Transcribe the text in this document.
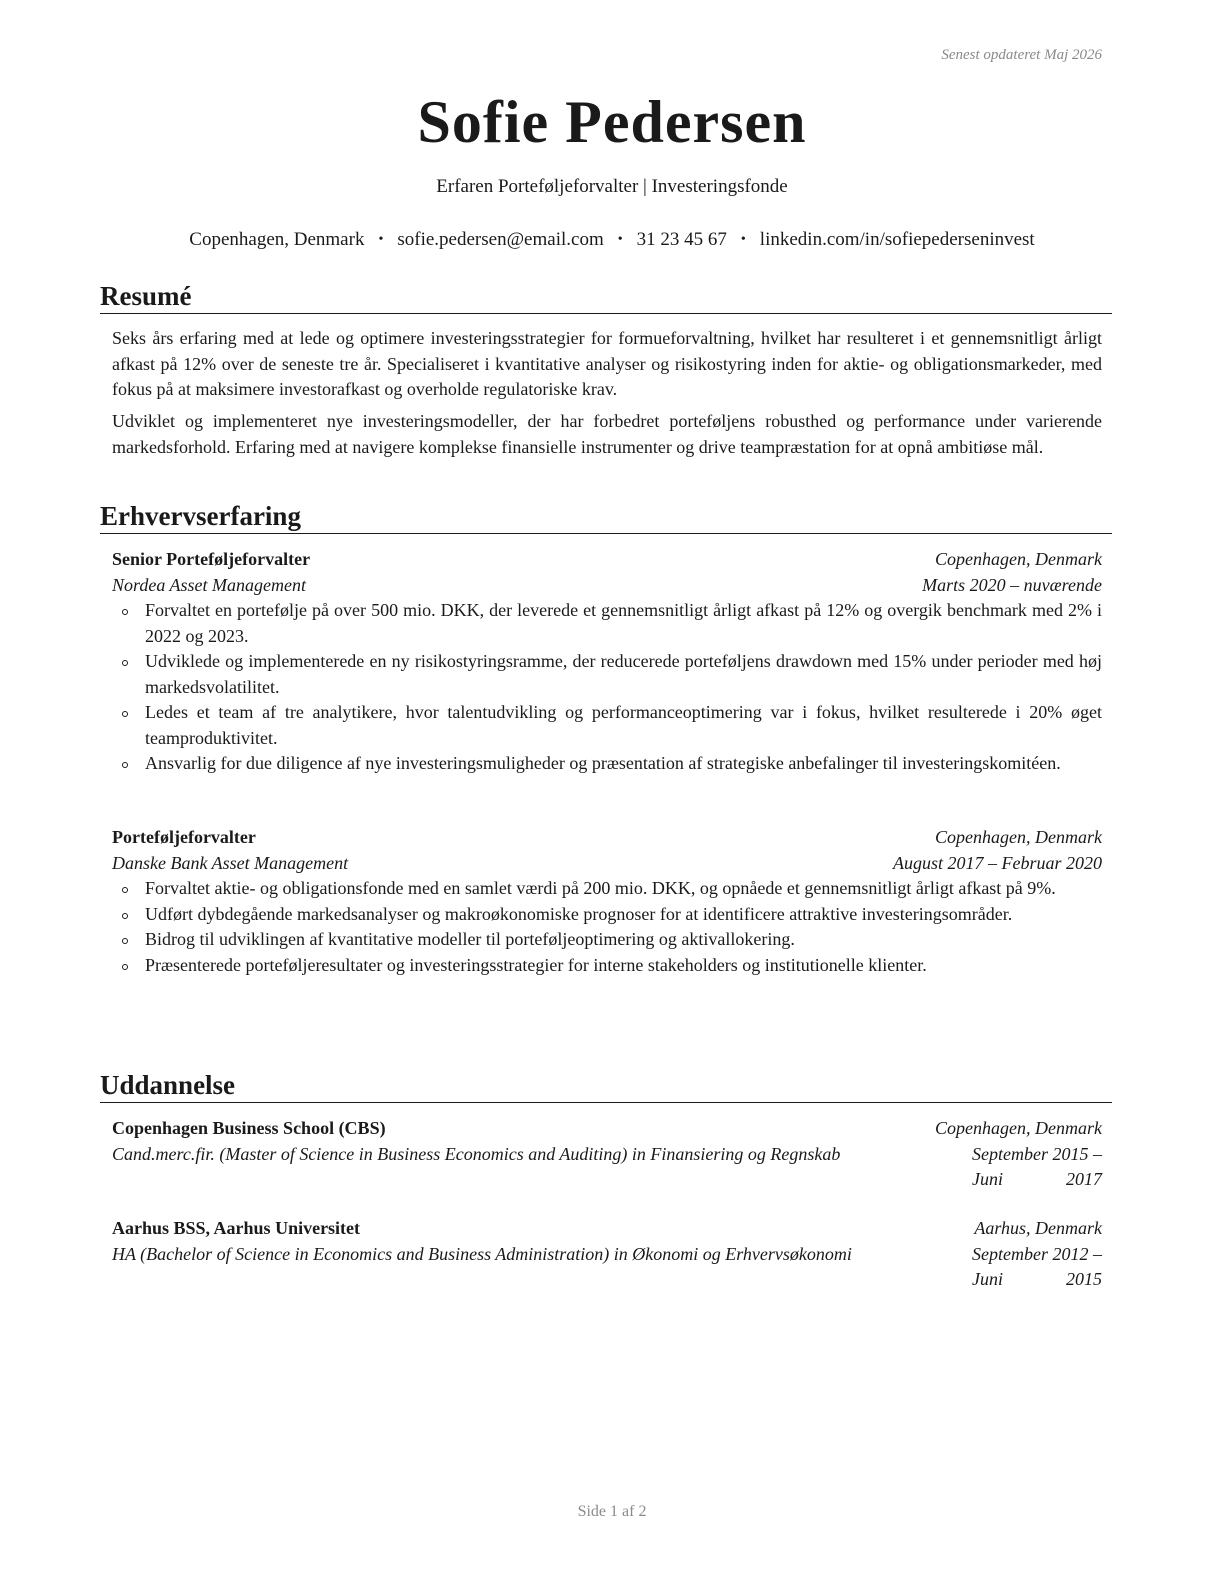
Senest opdateret Maj 2026
Sofie Pedersen
Erfaren Porteføljeforvalter | Investeringsfonde
Copenhagen, Denmark • sofie.pedersen@email.com • 31 23 45 67 • linkedin.com/in/sofiepederseninvest
Resumé

Seks års erfaring med at lede og optimere investeringsstrategier for formueforvaltning, hvilket har resulteret i et gennemsnitligt årligt afkast på 12% over de seneste tre år. Specialiseret i kvantitative analyser og risikostyring inden for aktie- og obligationsmarkeder, med fokus på at maksimere investorafkast og overholde regulatoriske krav.

Udviklet og implementeret nye investeringsmodeller, der har forbedret porteføljens robusthed og performance under varierende markedsforhold. Erfaring med at navigere komplekse finansielle instrumenter og drive teampræstation for at opnå ambitiøse mål.

Erhvervserfaring
Senior Porteføljeforvalter	Copenhagen, Denmark
Nordea Asset Management	Marts 2020 – nuværende
Forvaltet en portefølje på over 500 mio. DKK, der leverede et gennemsnitligt årligt afkast på 12% og overgik benchmark med 2% i 2022 og 2023.
Udviklede og implementerede en ny risikostyringsramme, der reducerede porteføljens drawdown med 15% under perioder med høj markedsvolatilitet.
Ledes et team af tre analytikere, hvor talentudvikling og performanceoptimering var i fokus, hvilket resulterede i 20% øget teamproduktivitet.
Ansvarlig for due diligence af nye investeringsmuligheder og præsentation af strategiske anbefalinger til investeringskomitéen.
Porteføljeforvalter	Copenhagen, Denmark
Danske Bank Asset Management	August 2017 – Februar 2020
Forvaltet aktie- og obligationsfonde med en samlet værdi på 200 mio. DKK, og opnåede et gennemsnitligt årligt afkast på 9%.
Udført dybdegående markedsanalyser og makroøkonomiske prognoser for at identificere attraktive investeringsområder.
Bidrog til udviklingen af kvantitative modeller til porteføljeoptimering og aktivallokering.
Præsenterede porteføljeresultater og investeringsstrategier for interne stakeholders og institutionelle klienter.
Uddannelse
Copenhagen Business School (CBS)	Copenhagen, Denmark
Cand.merc.fir. (Master of Science in Business Economics and Auditing) in Finansiering og Regnskab	September 2015 – Juni 2017
Aarhus BSS, Aarhus Universitet	Aarhus, Denmark
HA (Bachelor of Science in Economics and Business Administration) in Økonomi og Erhvervsøkonomi	September 2012 – Juni 2015
Side 1 af 2
